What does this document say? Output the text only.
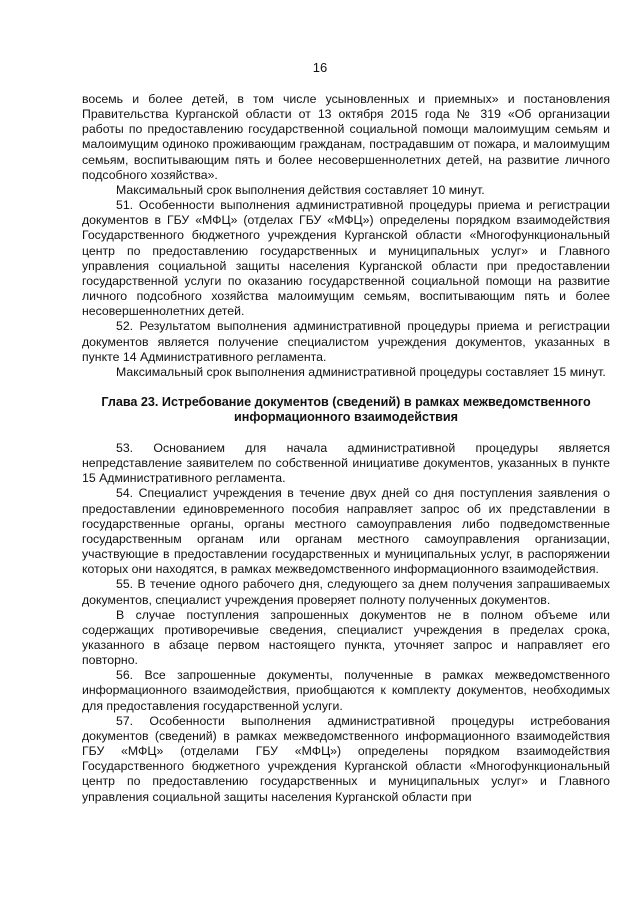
16

восемь и более детей, в том числе усыновленных и приемных» и постановления Правительства Курганской области от 13 октября 2015 года № 319 «Об организации работы по предоставлению государственной социальной помощи малоимущим семьям и малоимущим одиноко проживающим гражданам, пострадавшим от пожара, и малоимущим семьям, воспитывающим пять и более несовершеннолетних детей, на развитие личного подсобного хозяйства».

Максимальный срок выполнения действия составляет 10 минут.

51. Особенности выполнения административной процедуры приема и регистрации документов в ГБУ «МФЦ» (отделах ГБУ «МФЦ») определены порядком взаимодействия Государственного бюджетного учреждения Курганской области «Многофункциональный центр по предоставлению государственных и муниципальных услуг» и Главного управления социальной защиты населения Курганской области при предоставлении государственной услуги по оказанию государственной социальной помощи на развитие личного подсобного хозяйства малоимущим семьям, воспитывающим пять и более несовершеннолетних детей.

52. Результатом выполнения административной процедуры приема и регистрации документов является получение специалистом учреждения документов, указанных в пункте 14 Административного регламента.

Максимальный срок выполнения административной процедуры составляет 15 минут.

Глава 23. Истребование документов (сведений) в рамках межведомственного
информационного взаимодействия

53. Основанием для начала административной процедуры является непредставление заявителем по собственной инициативе документов, указанных в пункте 15 Административного регламента.

54. Специалист учреждения в течение двух дней со дня поступления заявления о предоставлении единовременного пособия направляет запрос об их представлении в государственные органы, органы местного самоуправления либо подведомственные государственным органам или органам местного самоуправления организации, участвующие в предоставлении государственных и муниципальных услуг, в распоряжении которых они находятся, в рамках межведомственного информационного взаимодействия.

55. В течение одного рабочего дня, следующего за днем получения запрашиваемых документов, специалист учреждения проверяет полноту полученных документов.

В случае поступления запрошенных документов не в полном объеме или содержащих противоречивые сведения, специалист учреждения в пределах срока, указанного в абзаце первом настоящего пункта, уточняет запрос и направляет его повторно.

56. Все запрошенные документы, полученные в рамках межведомственного информационного взаимодействия, приобщаются к комплекту документов, необходимых для предоставления государственной услуги.

57. Особенности выполнения административной процедуры истребования документов (сведений) в рамках межведомственного информационного взаимодействия ГБУ «МФЦ» (отделами ГБУ «МФЦ») определены порядком взаимодействия Государственного бюджетного учреждения Курганской области «Многофункциональный центр по предоставлению государственных и муниципальных услуг» и Главного управления социальной защиты населения Курганской области при
